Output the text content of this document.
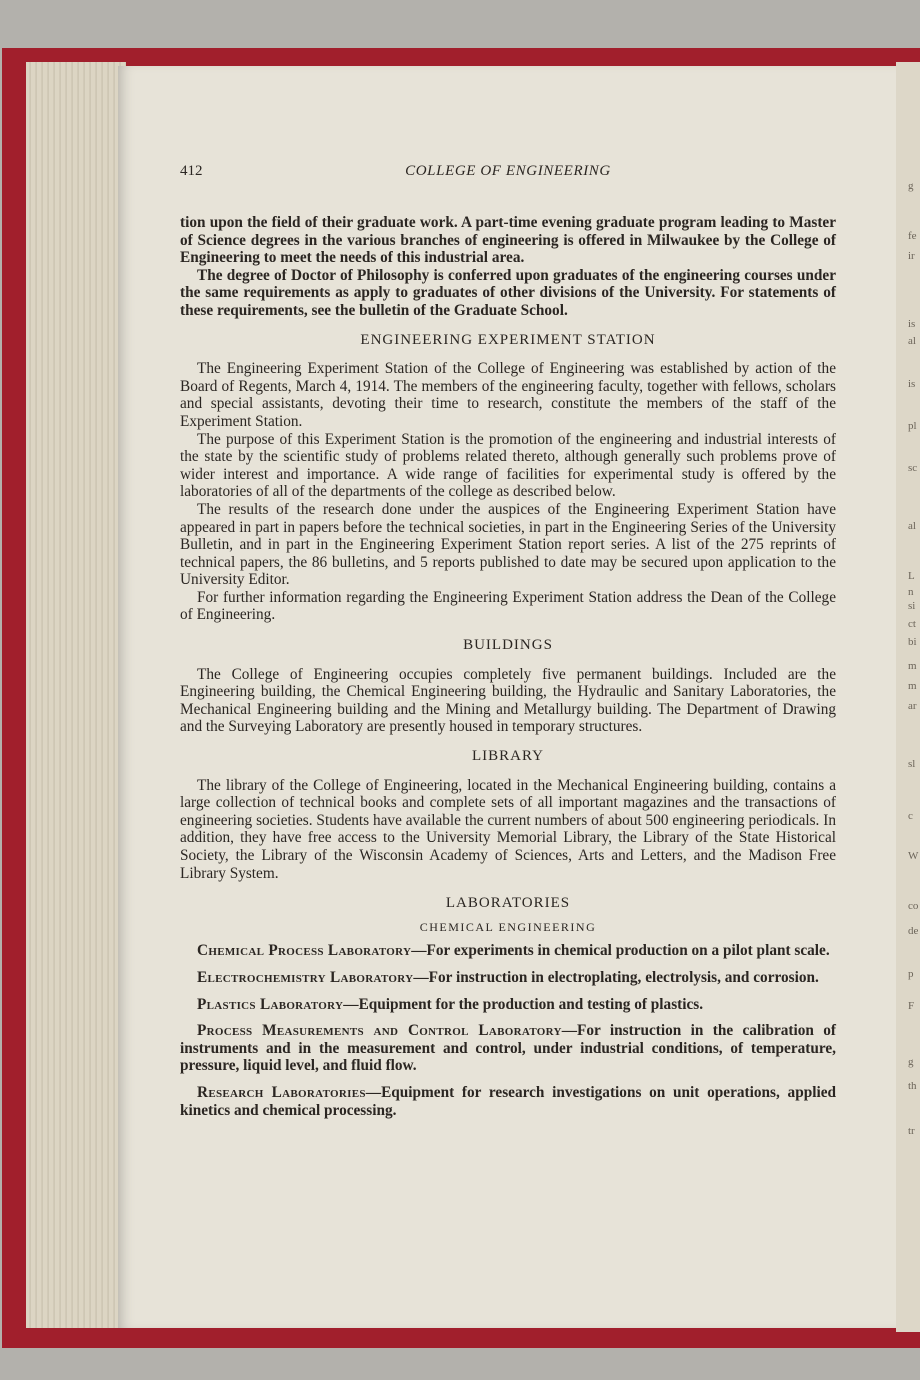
g
fe
ir
is
al
is
pl
sc
al
L
n
si
ct
bi
m
m
ar
sl
c
W
co
de
p
F
g
th
tr
412	COLLEGE OF ENGINEERING

tion upon the field of their graduate work. A part-time evening graduate program leading to Master of Science degrees in the various branches of engineering is offered in Milwaukee by the College of Engineering to meet the needs of this industrial area.

The degree of Doctor of Philosophy is conferred upon graduates of the engineering courses under the same requirements as apply to graduates of other divisions of the University. For statements of these requirements, see the bulletin of the Graduate School.

ENGINEERING EXPERIMENT STATION

The Engineering Experiment Station of the College of Engineering was established by action of the Board of Regents, March 4, 1914. The members of the engineering faculty, together with fellows, scholars and special assistants, devoting their time to research, constitute the members of the staff of the Experiment Station.

The purpose of this Experiment Station is the promotion of the engineering and industrial interests of the state by the scientific study of problems related thereto, although generally such problems prove of wider interest and importance. A wide range of facilities for experimental study is offered by the laboratories of all of the departments of the college as described below.

The results of the research done under the auspices of the Engineering Experiment Station have appeared in part in papers before the technical societies, in part in the Engineering Series of the University Bulletin, and in part in the Engineering Experiment Station report series. A list of the 275 reprints of technical papers, the 86 bulletins, and 5 reports published to date may be secured upon application to the University Editor.

For further information regarding the Engineering Experiment Station address the Dean of the College of Engineering.

BUILDINGS

The College of Engineering occupies completely five permanent buildings. Included are the Engineering building, the Chemical Engineering building, the Hydraulic and Sanitary Laboratories, the Mechanical Engineering building and the Mining and Metallurgy building. The Department of Drawing and the Surveying Laboratory are presently housed in temporary structures.

LIBRARY

The library of the College of Engineering, located in the Mechanical Engineering building, contains a large collection of technical books and complete sets of all important magazines and the transactions of engineering societies. Students have available the current numbers of about 500 engineering periodicals. In addition, they have free access to the University Memorial Library, the Library of the State Historical Society, the Library of the Wisconsin Academy of Sciences, Arts and Letters, and the Madison Free Library System.

LABORATORIES
CHEMICAL ENGINEERING

Chemical Process Laboratory—For experiments in chemical production on a pilot plant scale.

Electrochemistry Laboratory—For instruction in electroplating, electrolysis, and corrosion.

Plastics Laboratory—Equipment for the production and testing of plastics.

Process Measurements and Control Laboratory—For instruction in the calibration of instruments and in the measurement and control, under industrial conditions, of temperature, pressure, liquid level, and fluid flow.

Research Laboratories—Equipment for research investigations on unit operations, applied kinetics and chemical processing.
